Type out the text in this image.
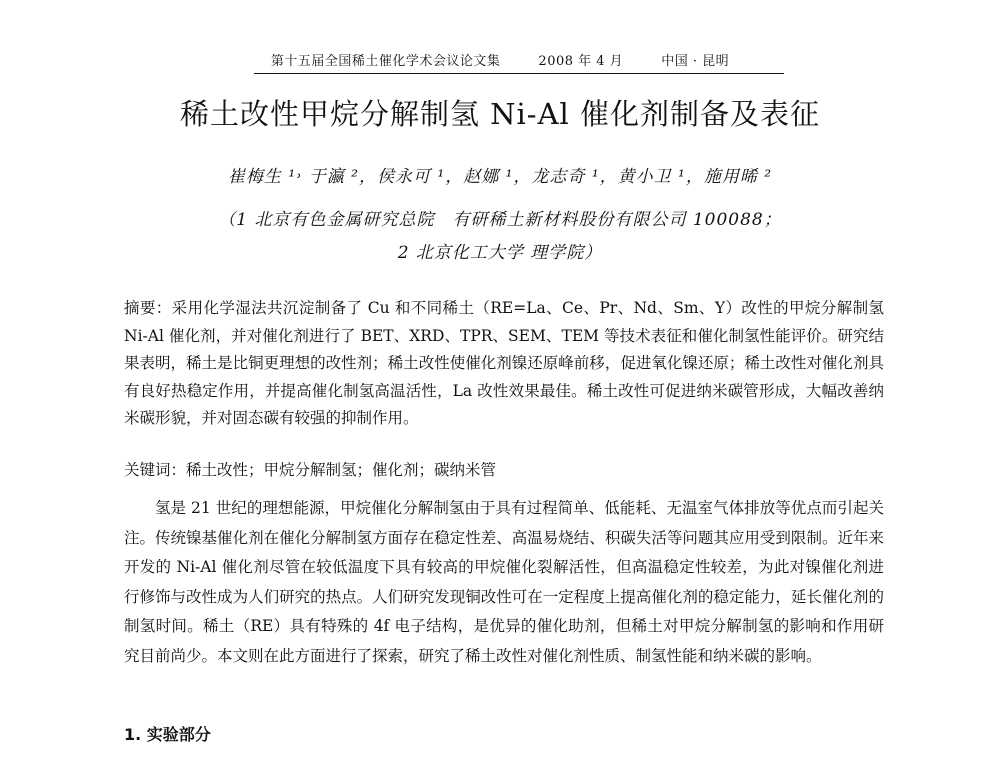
第十五届全国稀土催化学术会议论文集	2008 年 4 月	中国 · 昆明
稀土改性甲烷分解制氢 Ni-Al 催化剂制备及表征
崔梅生 ¹˒ 于瀛 ²，侯永可 ¹，赵娜 ¹，龙志奇 ¹，黄小卫 ¹，施用晞 ²
（1 北京有色金属研究总院　有研稀土新材料股份有限公司 100088；
2 北京化工大学 理学院）
摘要：采用化学湿法共沉淀制备了 Cu 和不同稀土（RE=La、Ce、Pr、Nd、Sm、Y）改性的甲烷分解制氢 Ni-Al 催化剂，并对催化剂进行了 BET、XRD、TPR、SEM、TEM 等技术表征和催化制氢性能评价。研究结果表明，稀土是比铜更理想的改性剂；稀土改性使催化剂镍还原峰前移，促进氧化镍还原；稀土改性对催化剂具有良好热稳定作用，并提高催化制氢高温活性，La 改性效果最佳。稀土改性可促进纳米碳管形成，大幅改善纳米碳形貌，并对固态碳有较强的抑制作用。
关键词：稀土改性；甲烷分解制氢；催化剂；碳纳米管
氢是 21 世纪的理想能源，甲烷催化分解制氢由于具有过程简单、低能耗、无温室气体排放等优点而引起关注。传统镍基催化剂在催化分解制氢方面存在稳定性差、高温易烧结、积碳失活等问题其应用受到限制。近年来开发的 Ni-Al 催化剂尽管在较低温度下具有较高的甲烷催化裂解活性，但高温稳定性较差，为此对镍催化剂进行修饰与改性成为人们研究的热点。人们研究发现铜改性可在一定程度上提高催化剂的稳定能力，延长催化剂的制氢时间。稀土（RE）具有特殊的 4f 电子结构，是优异的催化助剂，但稀土对甲烷分解制氢的影响和作用研究目前尚少。本文则在此方面进行了探索，研究了稀土改性对催化剂性质、制氢性能和纳米碳的影响。
1. 实验部分
